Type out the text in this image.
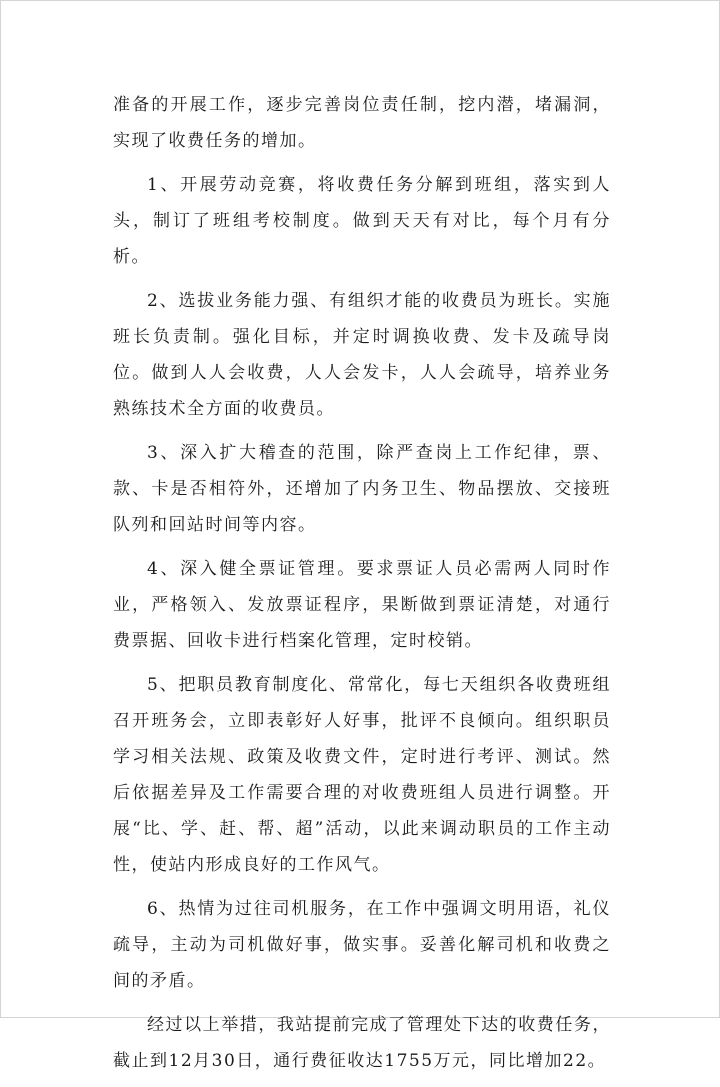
准备的开展工作，逐步完善岗位责任制，挖内潜，堵漏洞，实现了收费任务的增加。

1、开展劳动竞赛，将收费任务分解到班组，落实到人头，制订了班组考校制度。做到天天有对比，每个月有分析。

2、选拔业务能力强、有组织才能的收费员为班长。实施班长负责制。强化目标，并定时调换收费、发卡及疏导岗位。做到人人会收费，人人会发卡，人人会疏导，培养业务熟练技术全方面的收费员。

3、深入扩大稽查的范围，除严查岗上工作纪律，票、款、卡是否相符外，还增加了内务卫生、物品摆放、交接班队列和回站时间等内容。

4、深入健全票证管理。要求票证人员必需两人同时作业，严格领入、发放票证程序，果断做到票证清楚，对通行费票据、回收卡进行档案化管理，定时校销。

5、把职员教育制度化、常常化，每七天组织各收费班组召开班务会，立即表彰好人好事，批评不良倾向。组织职员学习相关法规、政策及收费文件，定时进行考评、测试。然后依据差异及工作需要合理的对收费班组人员进行调整。开展“比、学、赶、帮、超”活动，以此来调动职员的工作主动性，使站内形成良好的工作风气。

6、热情为过往司机服务，在工作中强调文明用语，礼仪疏导，主动为司机做好事，做实事。妥善化解司机和收费之间的矛盾。

经过以上举措，我站提前完成了管理处下达的收费任务，截止到12月30日，通行费征收达1755万元，同比增加22。
